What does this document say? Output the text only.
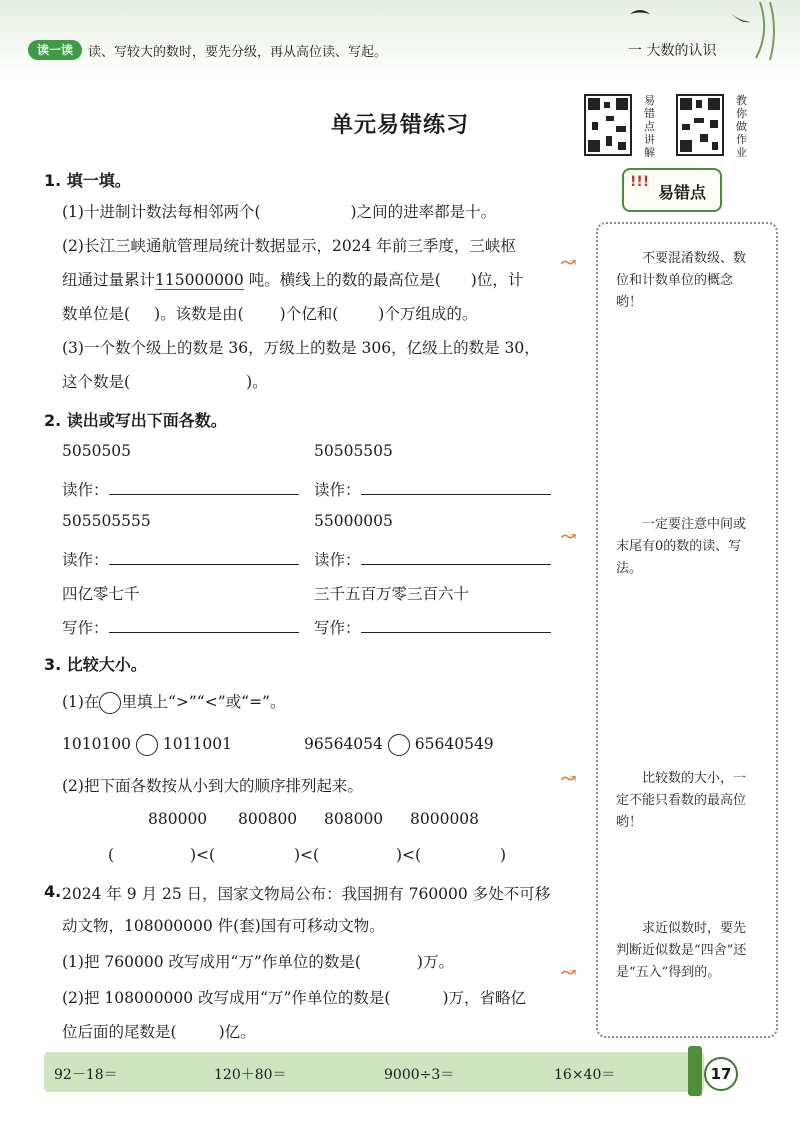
读一读	读、写较大的数时，要先分级，再从高位读、写起。	一 大数的认识
单元易错练习
易错点讲解
教你做作业
!!!
易错点
不要混淆数级、数位和计数单位的概念哟！
一定要注意中间或末尾有0的数的读、写法。
比较数的大小，一定不能只看数的最高位哟！
求近似数时，要先判断近似数是“四舍”还是“五入”得到的。
↝
↝
↝
↝
1. 填一填。
(1)十进制计数法每相邻两个(	)之间的进率都是十。
(2)长江三峡通航管理局统计数据显示，2024 年前三季度，三峡枢
纽通过量累计115000000 吨。横线上的数的最高位是( )位，计
数单位是( )。该数是由( )个亿和(	)个万组成的。
(3)一个数个级上的数是 36，万级上的数是 306，亿级上的数是 30，
这个数是(	)。
2. 读出或写出下面各数。
5050505	50505505
读作：	读作：
505505555	55000005
读作：	读作：
四亿零七千	三千五百万零三百六十
写作：	写作：
3. 比较大小。
(1)在 里填上“>”“<”或“=”。
1010100 1011001	96564054 65640549
(2)把下面各数按从小到大的顺序排列起来。
880000 800800 808000 8000008
(	)<(	)<(	)<(	)
4. 2024 年 9 月 25 日，国家文物局公布：我国拥有 760000 多处不可移
动文物，108000000 件(套)国有可移动文物。
(1)把 760000 改写成用“万”作单位的数是(	)万。
(2)把 108000000 改写成用“万”作单位的数是(	)万，省略亿
位后面的尾数是(	)亿。
92－18＝	120＋80＝	9000÷3＝	16×40＝	17
